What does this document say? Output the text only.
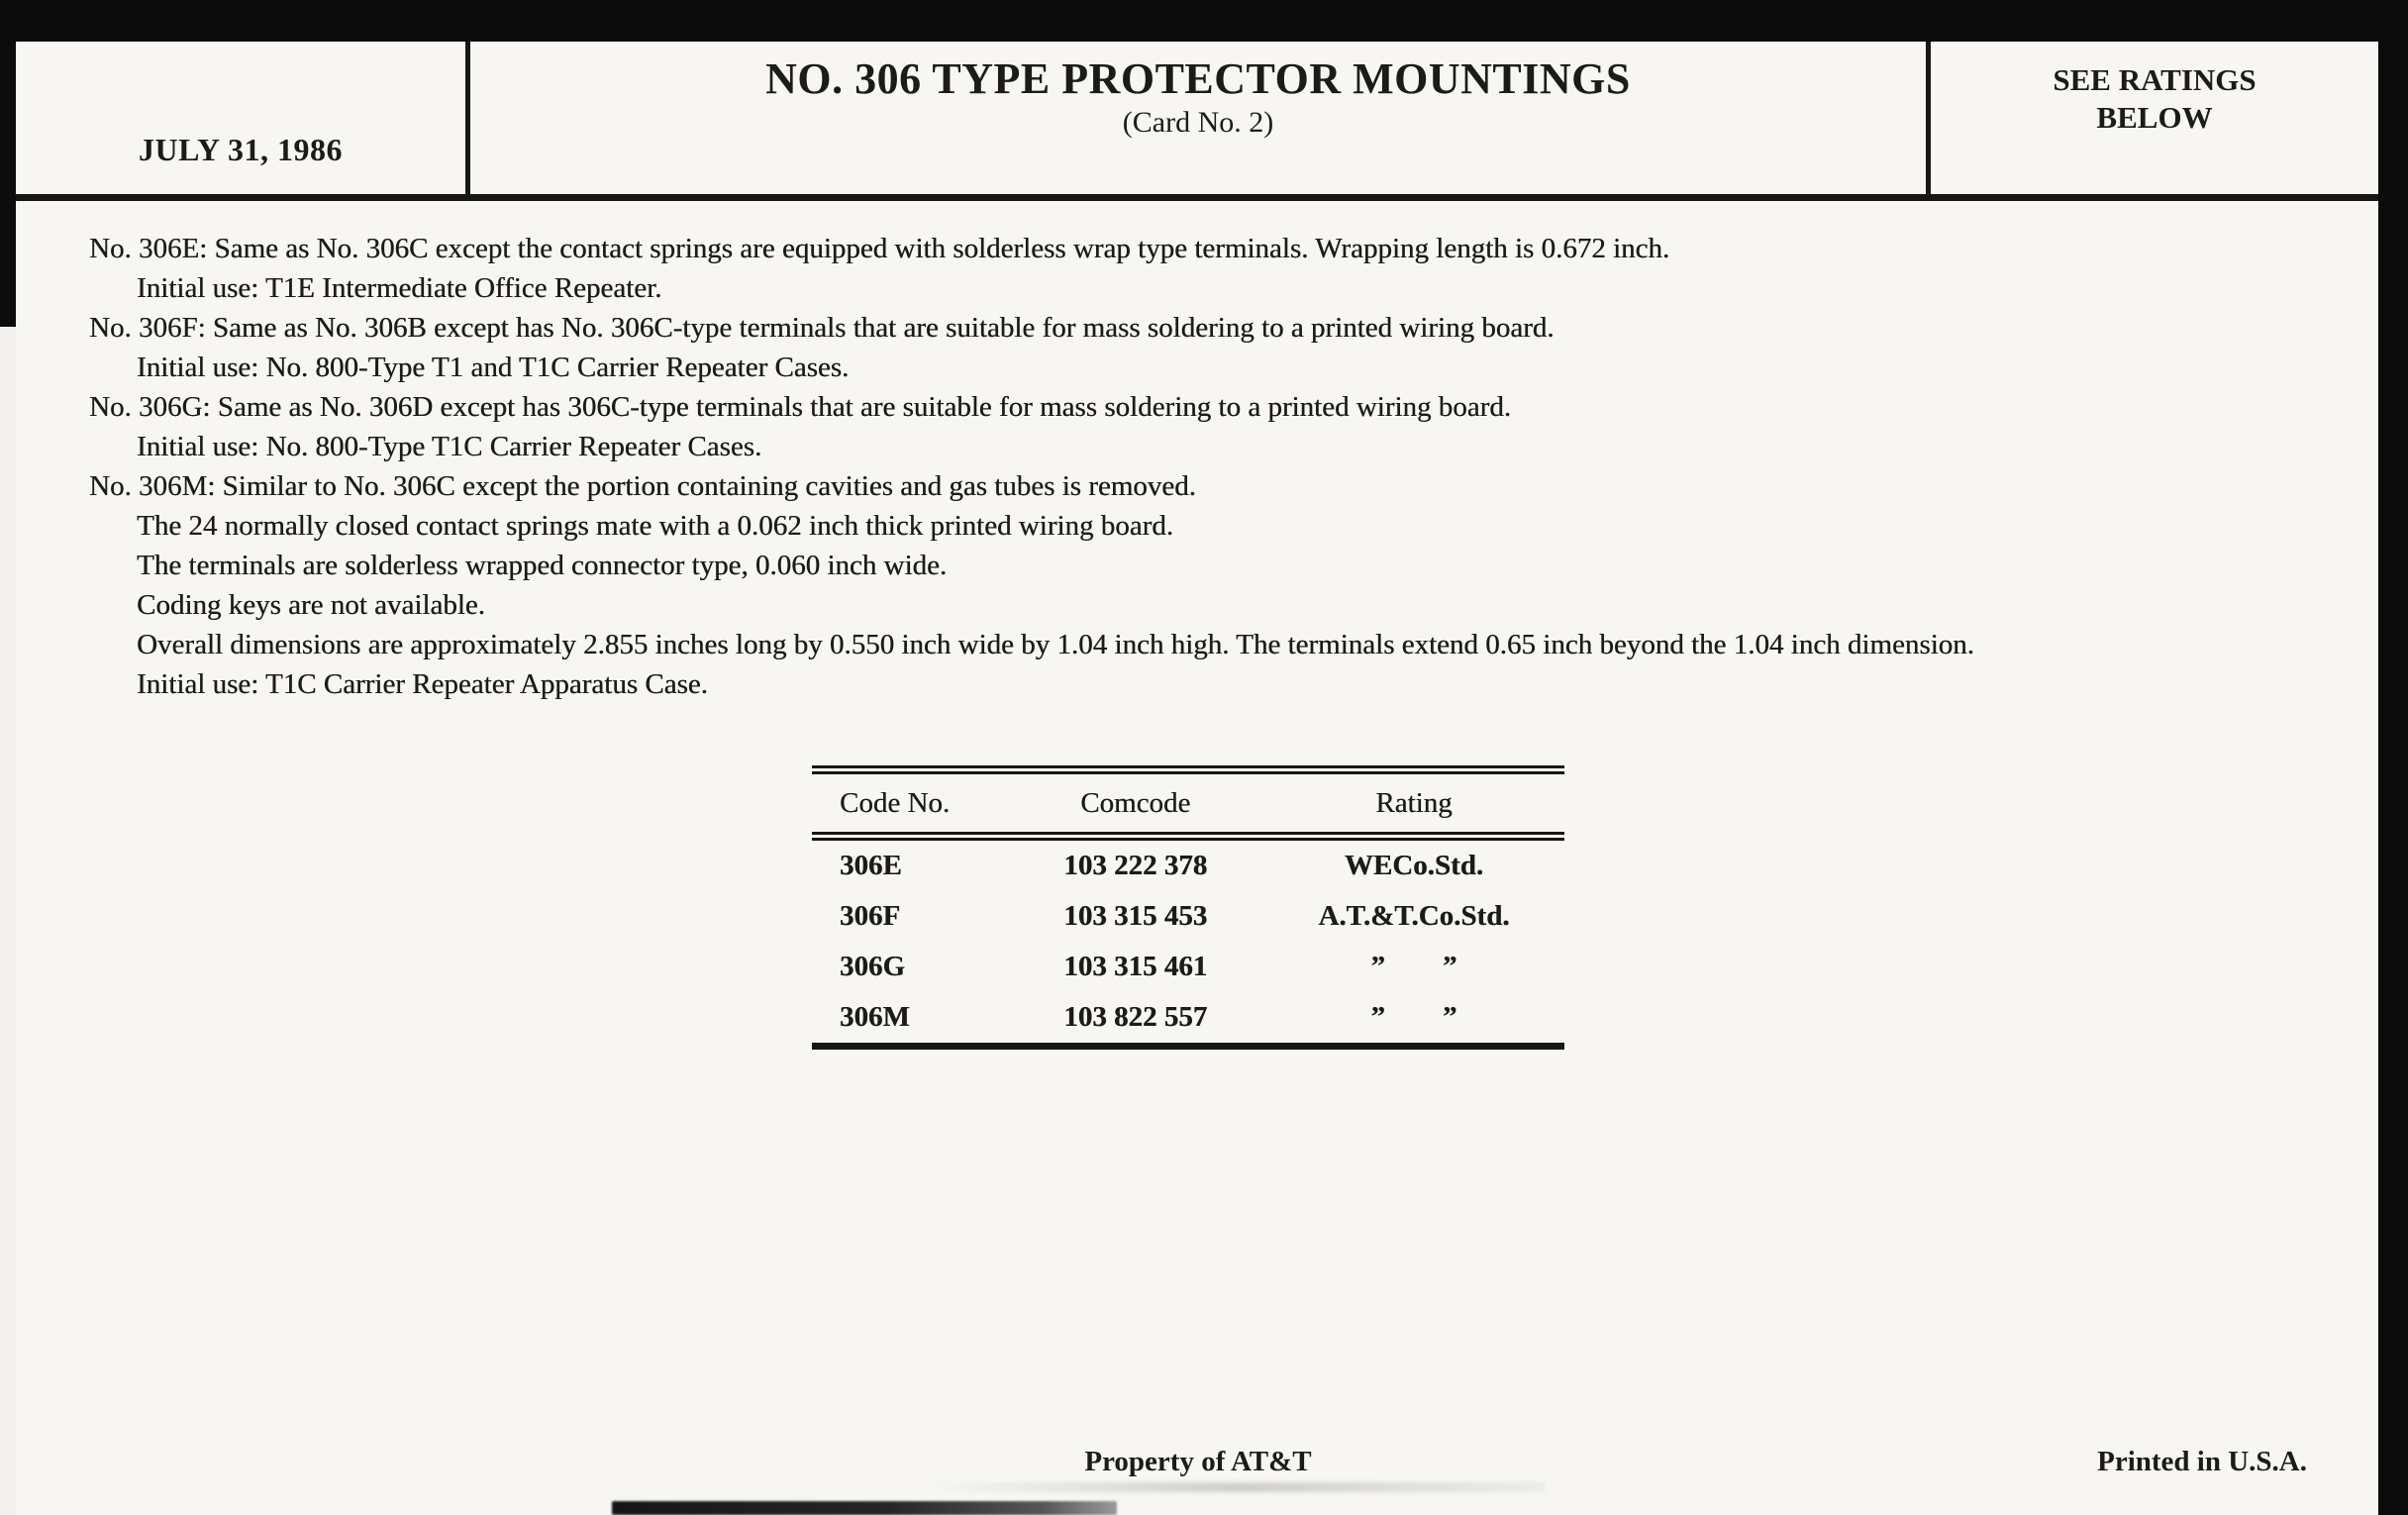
JULY 31, 1986
NO. 306 TYPE PROTECTOR MOUNTINGS
(Card No. 2)
SEE RATINGS BELOW
No. 306E: Same as No. 306C except the contact springs are equipped with solderless wrap type terminals. Wrapping length is 0.672 inch.
Initial use: T1E Intermediate Office Repeater.
No. 306F: Same as No. 306B except has No. 306C-type terminals that are suitable for mass soldering to a printed wiring board.
Initial use: No. 800-Type T1 and T1C Carrier Repeater Cases.
No. 306G: Same as No. 306D except has 306C-type terminals that are suitable for mass soldering to a printed wiring board.
Initial use: No. 800-Type T1C Carrier Repeater Cases.
No. 306M: Similar to No. 306C except the portion containing cavities and gas tubes is removed.
The 24 normally closed contact springs mate with a 0.062 inch thick printed wiring board.
The terminals are solderless wrapped connector type, 0.060 inch wide.
Coding keys are not available.
Overall dimensions are approximately 2.855 inches long by 0.550 inch wide by 1.04 inch high. The terminals extend 0.65 inch beyond the 1.04 inch dimension.
Initial use: T1C Carrier Repeater Apparatus Case.
Code No.	Comcode	Rating
306E	103 222 378	WECo.Std.
306F	103 315 453	A.T.&T.Co.Std.
306G	103 315 461	”        ”
306M	103 822 557	”        ”
Property of AT&T	Printed in U.S.A.
